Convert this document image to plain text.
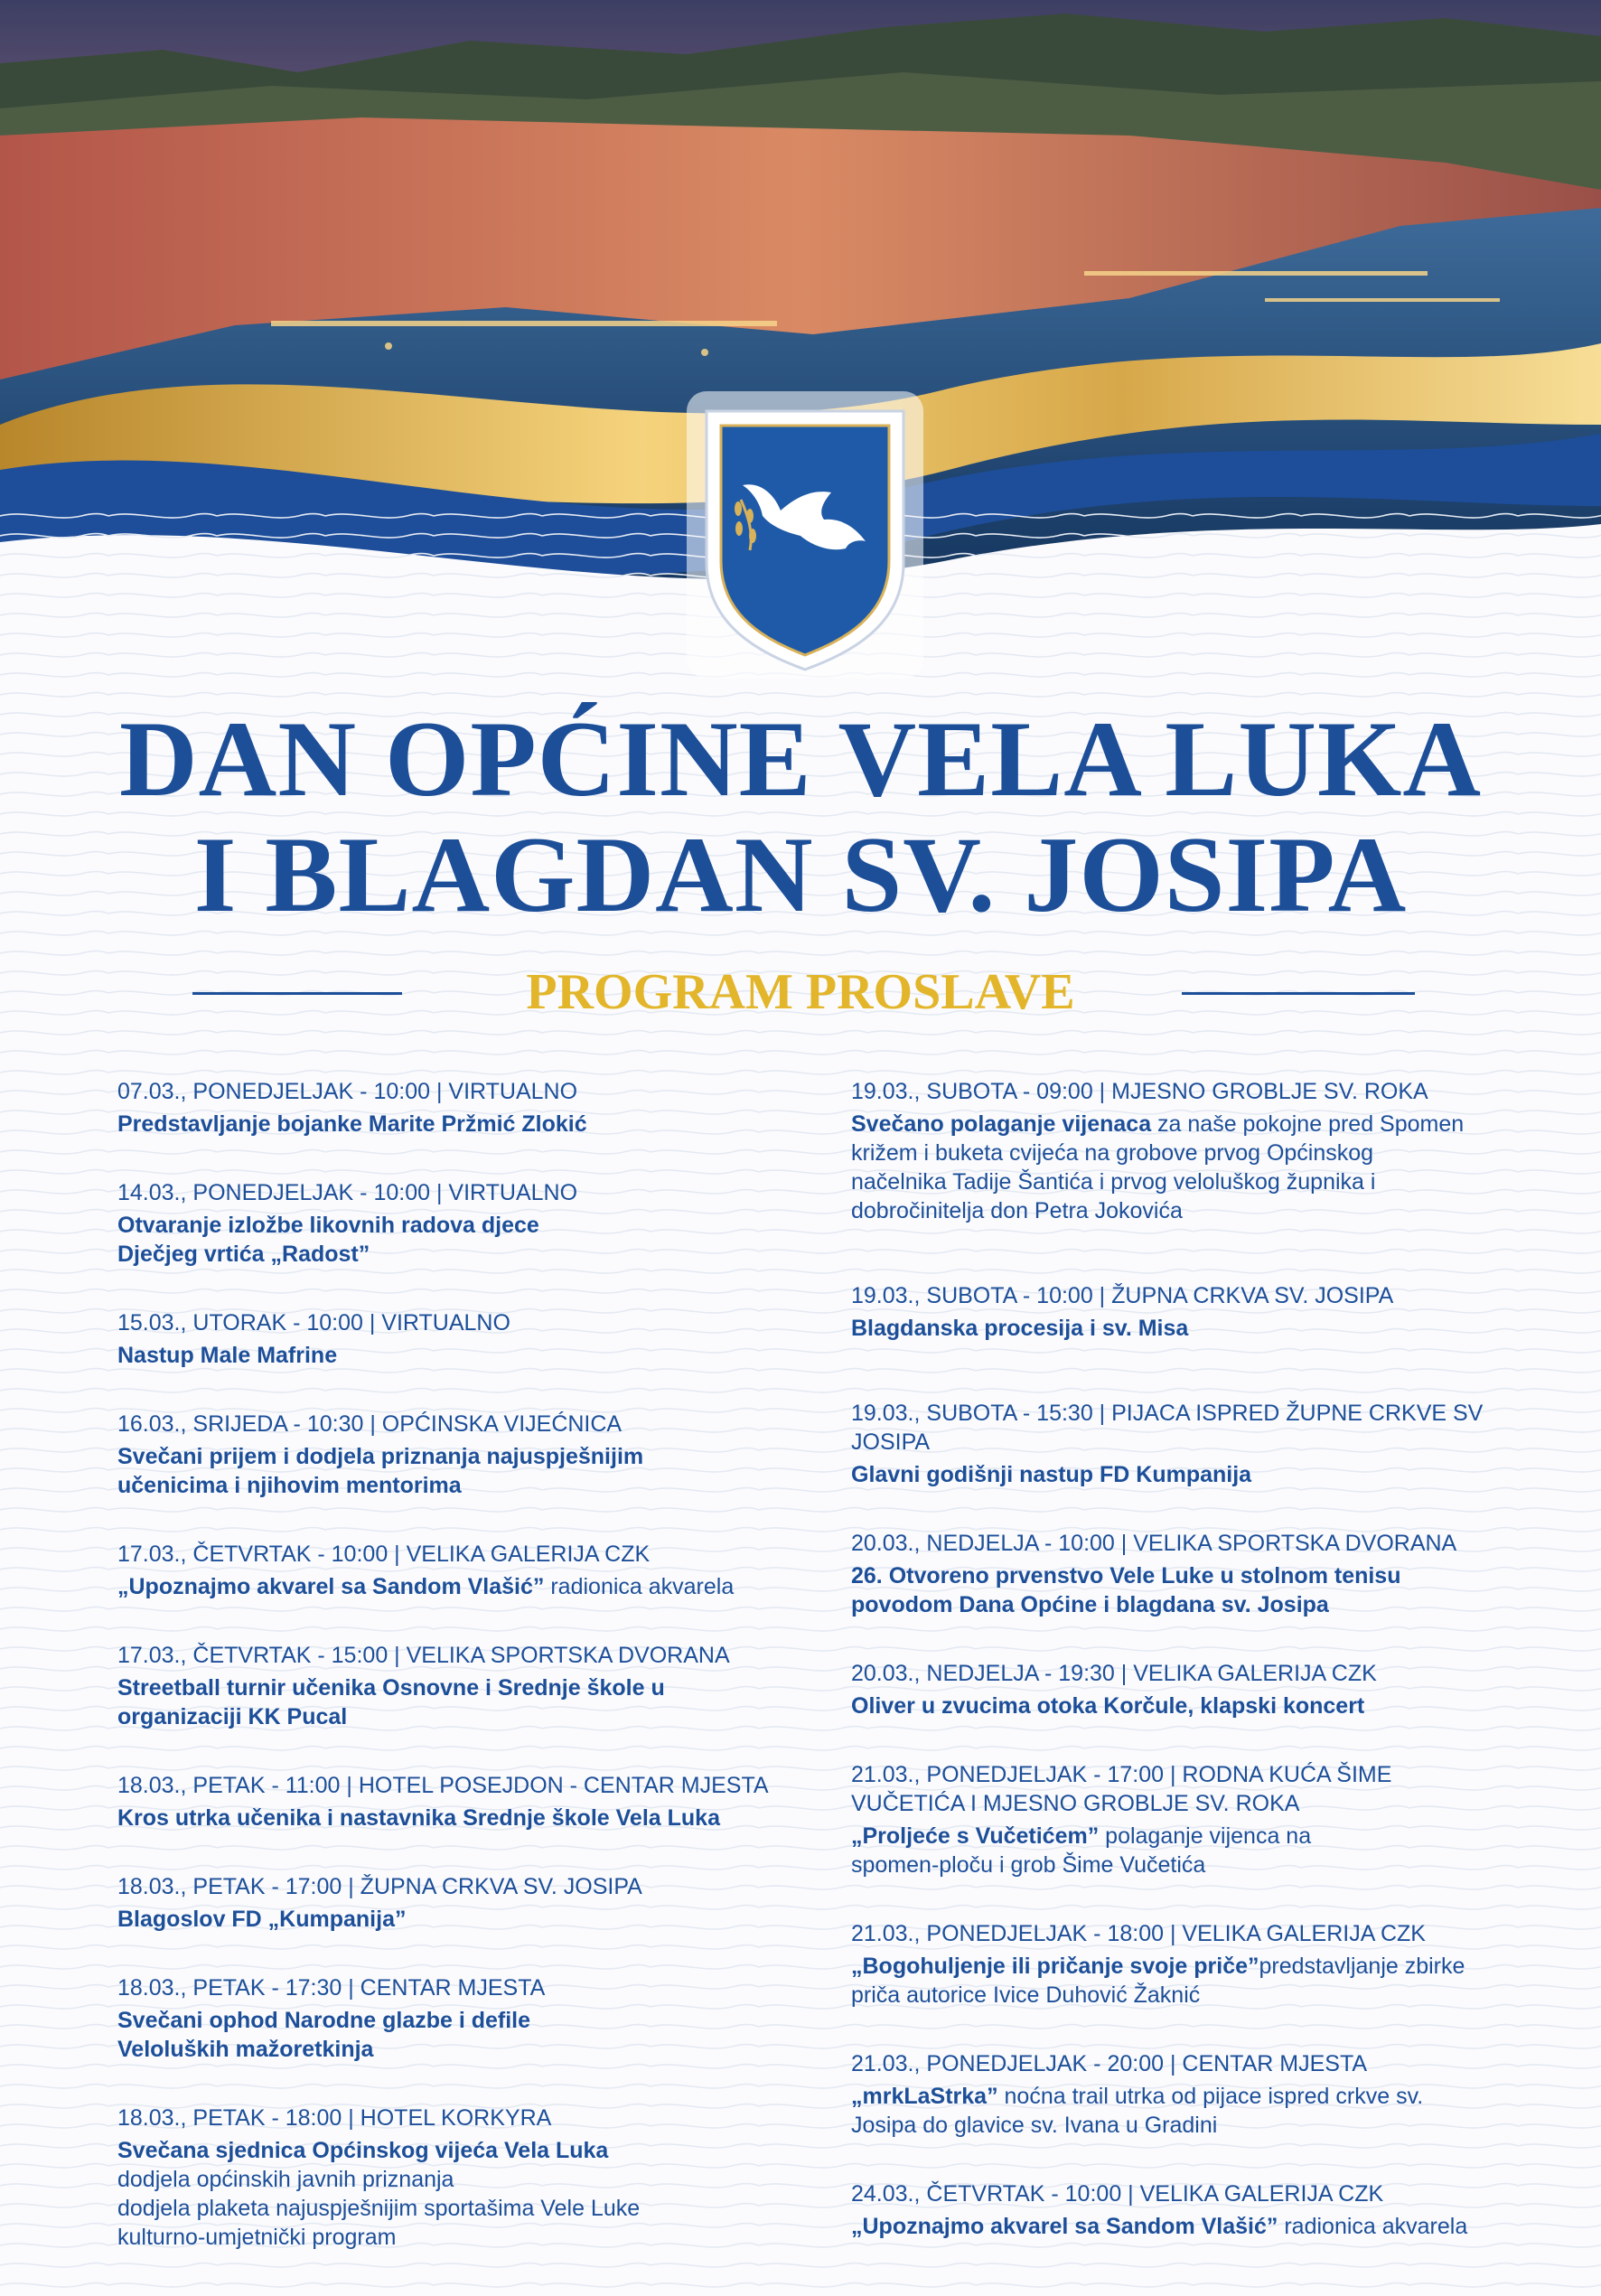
DAN OPĆINE VELA LUKA
I BLAGDAN SV. JOSIPA
PROGRAM PROSLAVE
07.03., PONEDJELJAK - 10:00 | VIRTUALNO
Predstavljanje bojanke Marite Pržmić Zlokić
14.03., PONEDJELJAK - 10:00 | VIRTUALNO
Otvaranje izložbe likovnih radova djece Dječjeg vrtića „Radost”
15.03., UTORAK - 10:00 | VIRTUALNO
Nastup Male Mafrine
16.03., SRIJEDA - 10:30 | OPĆINSKA VIJEĆNICA
Svečani prijem i dodjela priznanja najuspješnijim učenicima i njihovim mentorima
17.03., ČETVRTAK - 10:00 | VELIKA GALERIJA CZK
„Upoznajmo akvarel sa Sandom Vlašić” radionica akvarela
17.03., ČETVRTAK - 15:00 | VELIKA SPORTSKA DVORANA
Streetball turnir učenika Osnovne i Srednje škole u organizaciji KK Pucal
18.03., PETAK - 11:00 | HOTEL POSEJDON - CENTAR MJESTA
Kros utrka učenika i nastavnika Srednje škole Vela Luka
18.03., PETAK - 17:00 | ŽUPNA CRKVA SV. JOSIPA
Blagoslov FD „Kumpanija”
18.03., PETAK - 17:30 | CENTAR MJESTA
Svečani ophod Narodne glazbe i defile Veloluških mažoretkinja
18.03., PETAK - 18:00 | HOTEL KORKYRA
Svečana sjednica Općinskog vijeća Vela Luka
dodjela općinskih javnih priznanja
dodjela plaketa najuspješnijim sportašima Vele Luke
kulturno-umjetnički program
19.03., SUBOTA - 09:00 | MJESNO GROBLJE SV. ROKA
Svečano polaganje vijenaca za naše pokojne pred Spomen križem i buketa cvijeća na grobove prvog Općinskog načelnika Tadije Šantića i prvog veloluškog župnika i dobročinitelja don Petra Jokovića
19.03., SUBOTA - 10:00 | ŽUPNA CRKVA SV. JOSIPA
Blagdanska procesija i sv. Misa
19.03., SUBOTA - 15:30 | PIJACA ISPRED ŽUPNE CRKVE SV JOSIPA
Glavni godišnji nastup FD Kumpanija
20.03., NEDJELJA - 10:00 | VELIKA SPORTSKA DVORANA
26. Otvoreno prvenstvo Vele Luke u stolnom tenisu povodom Dana Općine i blagdana sv. Josipa
20.03., NEDJELJA - 19:30 | VELIKA GALERIJA CZK
Oliver u zvucima otoka Korčule, klapski koncert
21.03., PONEDJELJAK - 17:00 | RODNA KUĆA ŠIME VUČETIĆA I MJESNO GROBLJE SV. ROKA
„Proljeće s Vučetićem” polaganje vijenca na spomen-ploču i grob Šime Vučetića
21.03., PONEDJELJAK - 18:00 | VELIKA GALERIJA CZK
„Bogohuljenje ili pričanje svoje priče”predstavljanje zbirke priča autorice Ivice Duhović Žaknić
21.03., PONEDJELJAK - 20:00 | CENTAR MJESTA
„mrkLaStrka” noćna trail utrka od pijace ispred crkve sv. Josipa do glavice sv. Ivana u Gradini
24.03., ČETVRTAK - 10:00 | VELIKA GALERIJA CZK
„Upoznajmo akvarel sa Sandom Vlašić” radionica akvarela
